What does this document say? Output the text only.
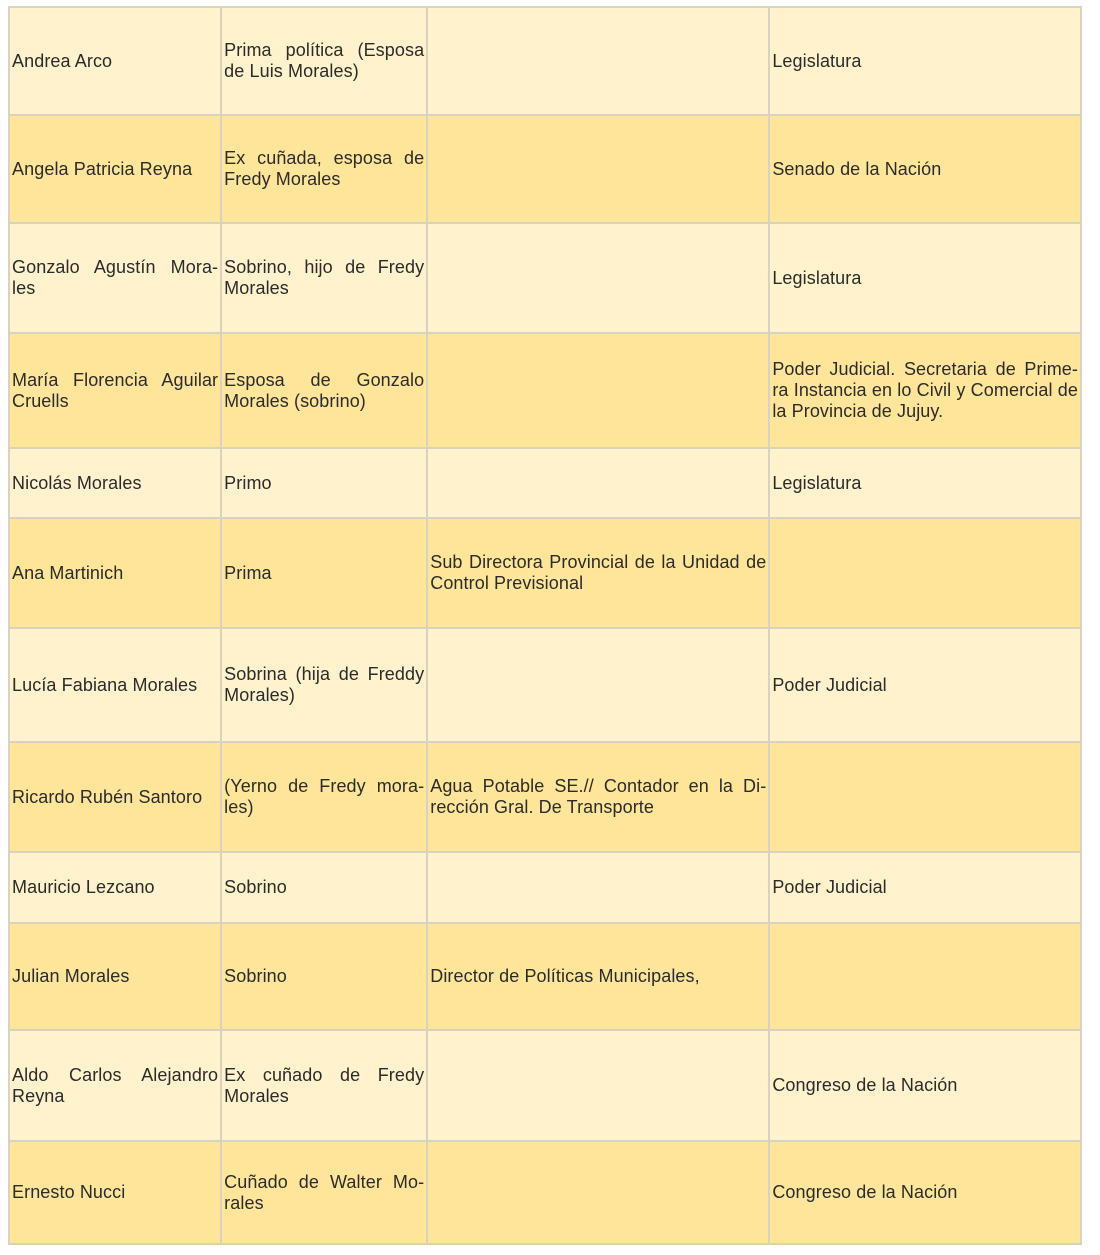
Andrea Arco	Prima política (Esposa de Luis Morales)		Legislatura
Angela Patricia Reyna	Ex cuñada, esposa de Fredy Morales		Senado de la Nación
Gonzalo Agustín Mora-les	Sobrino, hijo de Fredy Morales		Legislatura
María Florencia Aguilar Cruells	Esposa de Gonzalo Morales (sobrino)		Poder Judicial. Secretaria de Prime-ra Instancia en lo Civil y Comercial de la Provincia de Jujuy.
Nicolás Morales	Primo		Legislatura
Ana Martinich	Prima	Sub Directora Provincial de la Unidad de Control Previsional	
Lucía Fabiana Morales	Sobrina (hija de Freddy Morales)		Poder Judicial
Ricardo Rubén Santoro	(Yerno de Fredy mora-les)	Agua Potable SE.// Contador en la Di-rección Gral. De Transporte	
Mauricio Lezcano	Sobrino		Poder Judicial
Julian Morales	Sobrino	Director de Políticas Municipales,	
Aldo Carlos Alejandro Reyna	Ex cuñado de Fredy Morales		Congreso de la Nación
Ernesto Nucci	Cuñado de Walter Mo-rales		Congreso de la Nación
